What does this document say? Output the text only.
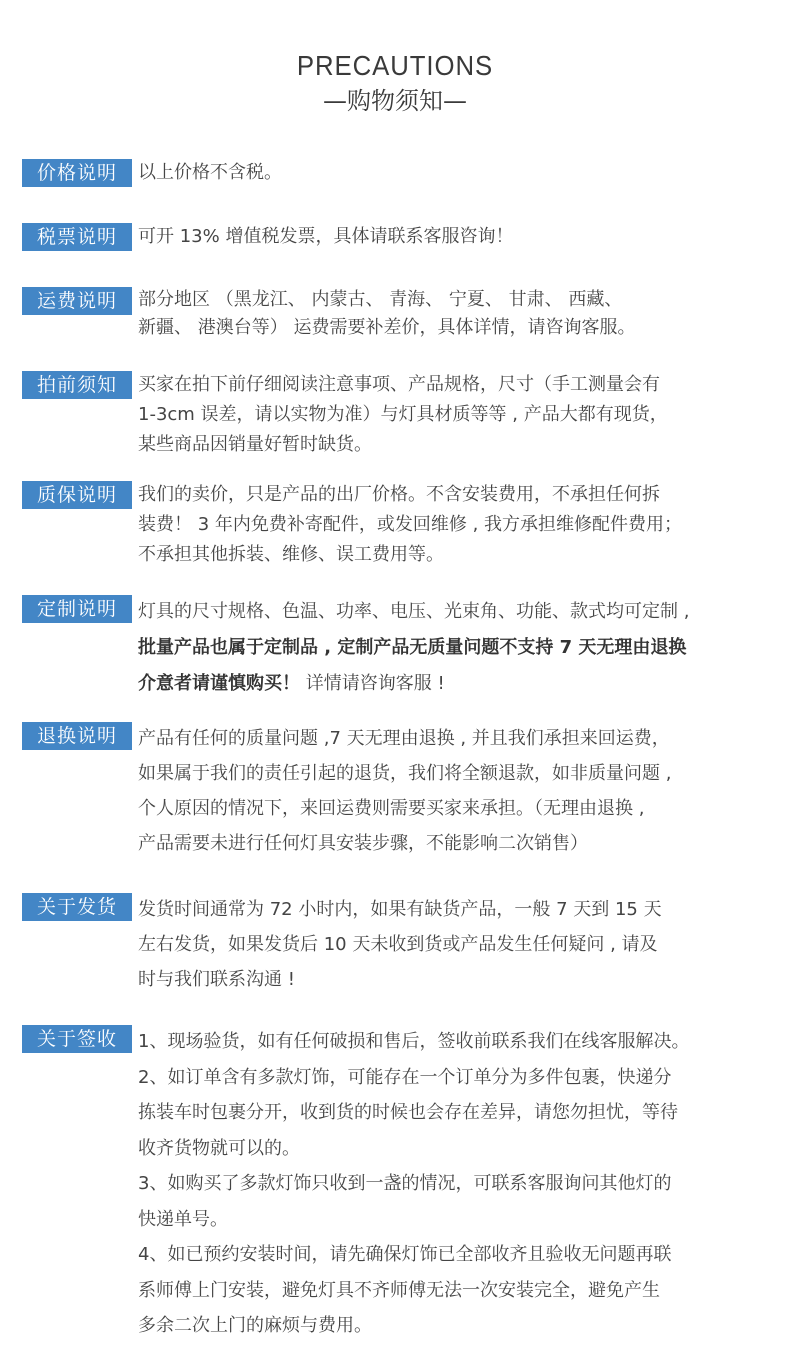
PRECAUTIONS
—购物须知—
价格说明	以上价格不含税。
税票说明	可开 13% 增值税发票，具体请联系客服咨询！
运费说明	部分地区 （黑龙江、 内蒙古、 青海、 宁夏、 甘肃、 西藏、
新疆、 港澳台等） 运费需要补差价，具体详情，请咨询客服。
拍前须知	买家在拍下前仔细阅读注意事项、产品规格，尺寸（手工测量会有
1-3cm 误差，请以实物为准）与灯具材质等等 , 产品大都有现货，
某些商品因销量好暂时缺货。
质保说明	我们的卖价，只是产品的出厂价格。不含安装费用，不承担任何拆
装费！ 3 年内免费补寄配件，或发回维修 , 我方承担维修配件费用；
不承担其他拆装、维修、误工费用等。
定制说明	灯具的尺寸规格、色温、功率、电压、光束角、功能、款式均可定制 ,
批量产品也属于定制品 , 定制产品无质量问题不支持 7 天无理由退换
介意者请谨慎购买！ 详情请咨询客服 !
退换说明	产品有任何的质量问题 ,7 天无理由退换 , 并且我们承担来回运费，
如果属于我们的责任引起的退货，我们将全额退款，如非质量问题 ,
个人原因的情况下，来回运费则需要买家来承担。（无理由退换 ,
产品需要未进行任何灯具安装步骤，不能影响二次销售）
关于发货	发货时间通常为 72 小时内，如果有缺货产品，一般 7 天到 15 天
左右发货，如果发货后 10 天未收到货或产品发生任何疑问 , 请及
时与我们联系沟通 !
关于签收	1、现场验货，如有任何破损和售后，签收前联系我们在线客服解决。
2、如订单含有多款灯饰，可能存在一个订单分为多件包裹，快递分
拣装车时包裹分开，收到货的时候也会存在差异，请您勿担忧，等待
收齐货物就可以的。
3、如购买了多款灯饰只收到一盏的情况，可联系客服询问其他灯的
快递单号。
4、如已预约安装时间，请先确保灯饰已全部收齐且验收无问题再联
系师傅上门安装，避免灯具不齐师傅无法一次安装完全，避免产生
多余二次上门的麻烦与费用。
